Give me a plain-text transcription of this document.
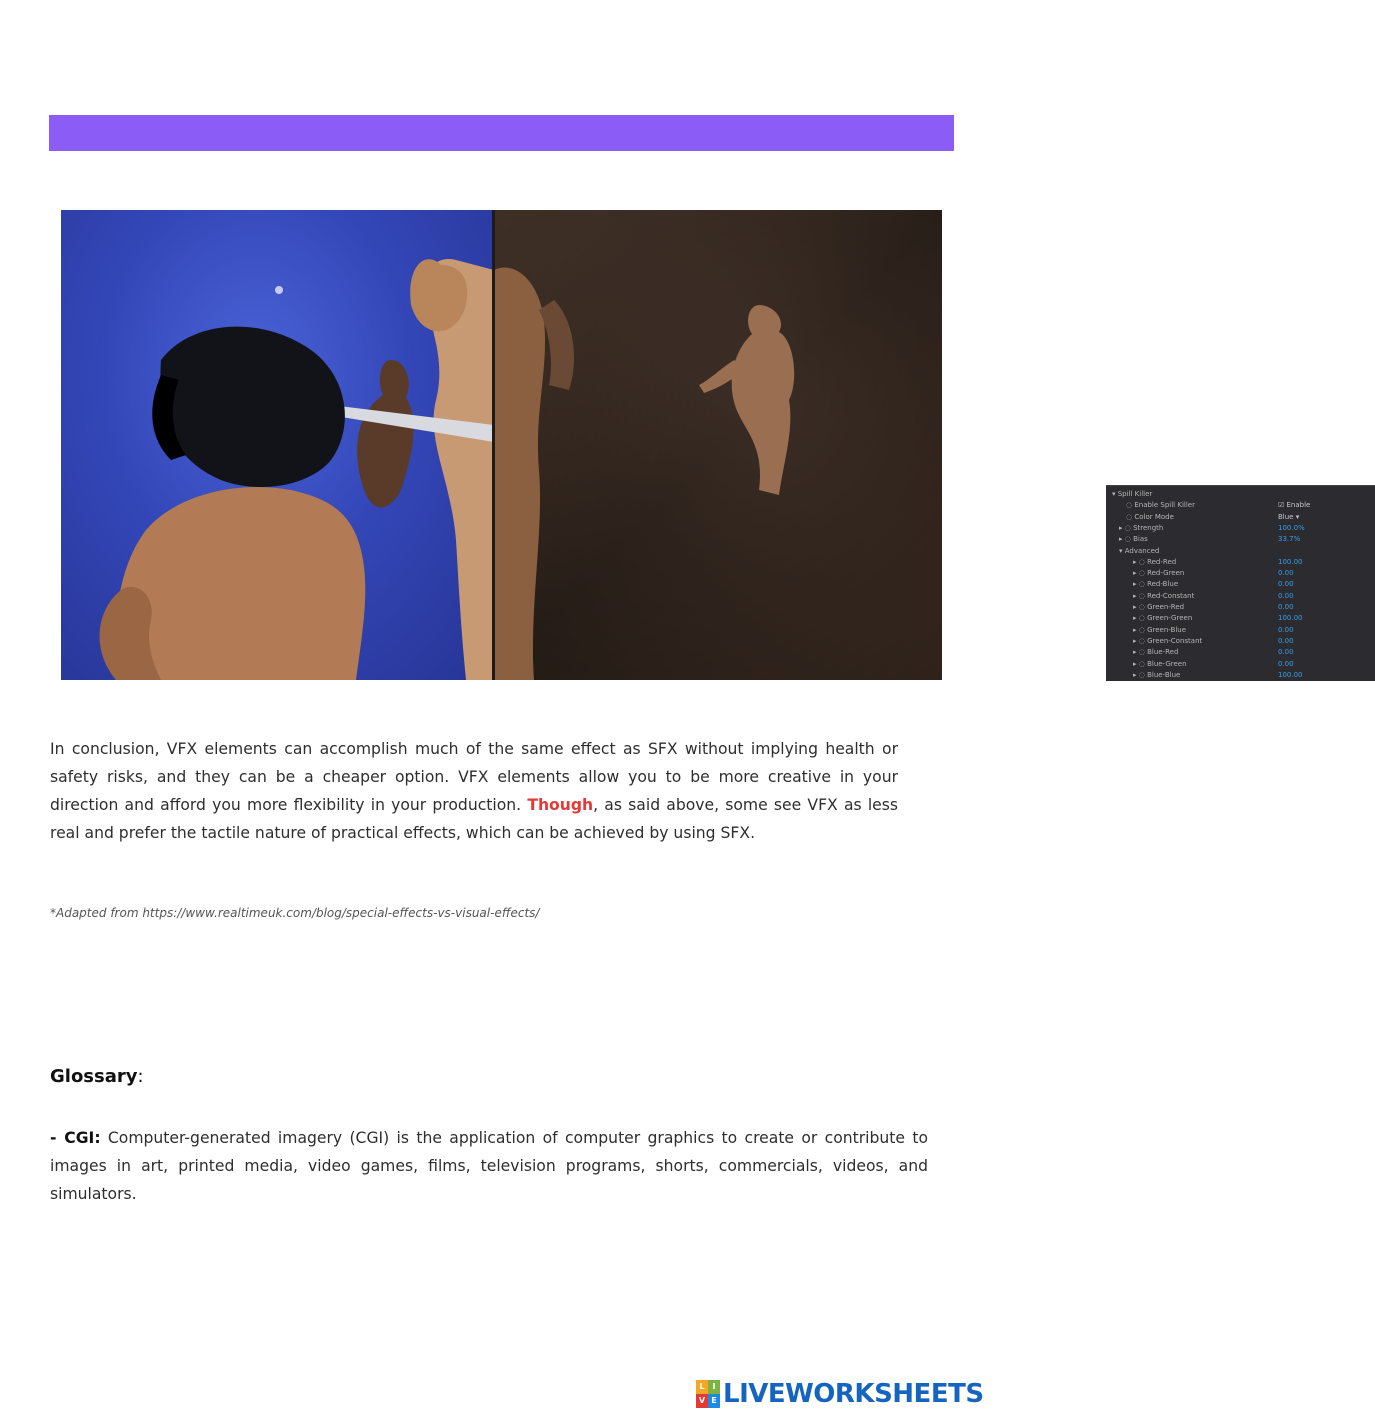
▾ Spill Killer
◌ Enable Spill Killer	☑ Enable
◌ Color Mode	Blue ▾
▸ ◌ Strength	100.0%
▸ ◌ Bias	33.7%
▾ Advanced
▸ ◌ Red-Red	100.00
▸ ◌ Red-Green	0.00
▸ ◌ Red-Blue	0.00
▸ ◌ Red-Constant	0.00
▸ ◌ Green-Red	0.00
▸ ◌ Green-Green	100.00
▸ ◌ Green-Blue	0.00
▸ ◌ Green-Constant	0.00
▸ ◌ Blue-Red	0.00
▸ ◌ Blue-Green	0.00
▸ ◌ Blue-Blue	100.00

In conclusion, VFX elements can accomplish much of the same effect as SFX without implying health or safety risks, and they can be a cheaper option. VFX elements allow you to be more creative in your direction and afford you more flexibility in your production. Though, as said above, some see VFX as less real and prefer the tactile nature of practical effects, which can be achieved by using SFX.

*Adapted from https://www.realtimeuk.com/blog/special-effects-vs-visual-effects/

Glossary:

- CGI: Computer-generated imagery (CGI) is the application of computer graphics to create or contribute to images in art, printed media, video games, films, television programs, shorts, commercials, videos, and simulators.

L I
V E LIVEWORKSHEETS
